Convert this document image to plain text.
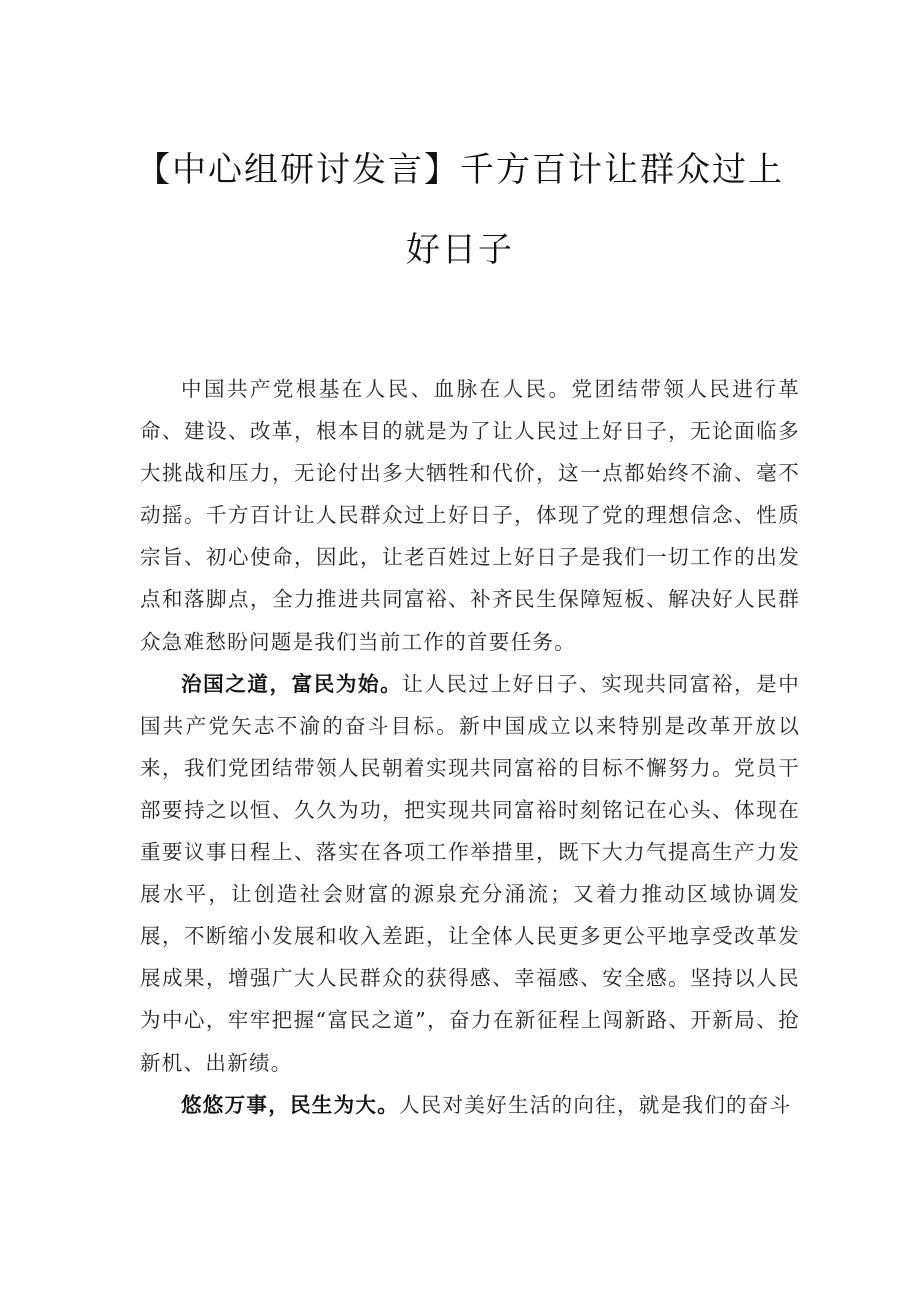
【中心组研讨发言】千方百计让群众过上
好日子

中国共产党根基在人民、血脉在人民。党团结带领人民进行革命、建设、改革，根本目的就是为了让人民过上好日子，无论面临多大挑战和压力，无论付出多大牺牲和代价，这一点都始终不渝、毫不动摇。千方百计让人民群众过上好日子，体现了党的理想信念、性质宗旨、初心使命，因此，让老百姓过上好日子是我们一切工作的出发点和落脚点，全力推进共同富裕、补齐民生保障短板、解决好人民群众急难愁盼问题是我们当前工作的首要任务。

治国之道，富民为始。让人民过上好日子、实现共同富裕，是中国共产党矢志不渝的奋斗目标。新中国成立以来特别是改革开放以来，我们党团结带领人民朝着实现共同富裕的目标不懈努力。党员干部要持之以恒、久久为功，把实现共同富裕时刻铭记在心头、体现在重要议事日程上、落实在各项工作举措里，既下大力气提高生产力发展水平，让创造社会财富的源泉充分涌流；又着力推动区域协调发展，不断缩小发展和收入差距，让全体人民更多更公平地享受改革发展成果，增强广大人民群众的获得感、幸福感、安全感。坚持以人民为中心，牢牢把握“富民之道”，奋力在新征程上闯新路、开新局、抢新机、出新绩。

悠悠万事，民生为大。人民对美好生活的向往，就是我们的奋斗
